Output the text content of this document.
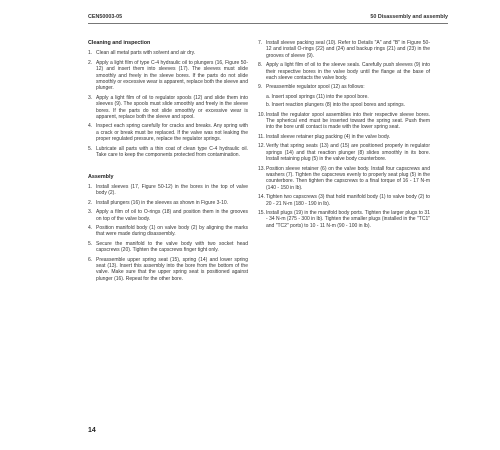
CEN50003-05	50 Disassembly and assembly
Cleaning and inspection
1. Clean all metal parts with solvent and air dry.
2. Apply a light film of type C-4 hydraulic oil to plungers (16, Figure 50-12) and insert them into sleeves (17). The sleeves must slide smoothly and freely in the sleeve bores. If the parts do not slide smoothly or excessive wear is apparent, replace both the sleeve and plunger.
3. Apply a light film of oil to regulator spools (12) and slide them into sleeves (9). The spools must slide smoothly and freely in the sleeve bores. If the parts do not slide smoothly or excessive wear is apparent, replace both the sleeve and spool.
4. Inspect each spring carefully for cracks and breaks. Any spring with a crack or break must be replaced. If the valve was not leaking the proper regulated pressure, replace the regulator springs.
5. Lubricate all parts with a thin coat of clean type C-4 hydraulic oil. Take care to keep the components protected from contamination.
Assembly
1. Install sleeves (17, Figure 50-12) in the bores in the top of valve body (2).
2. Install plungers (16) in the sleeves as shown in Figure 3-10.
3. Apply a film of oil to O-rings (18) and position them in the grooves on top of the valve body.
4. Position manifold body (1) on valve body (2) by aligning the marks that were made during disassembly.
5. Secure the manifold to the valve body with two socket head capscrews (20). Tighten the capscrews finger tight only.
6. Preassemble upper spring seat (15), spring (14) and lower spring seat (13). Insert this assembly into the bore from the bottom of the valve. Make sure that the upper spring seat is positioned against plunger (16). Repeat for the other bore.
7. Install sleeve packing seal (10). Refer to Details "A" and "B" in Figure 50-12 and install O-rings (22) and (24) and backup rings (21) and (23) in the grooves of sleeve (9).
8. Apply a light film of oil to the sleeve seals. Carefully push sleeves (9) into their respective bores in the valve body until the flange at the base of each sleeve contacts the valve body.
9. Preassemble regulator spool (12) as follows:
a. Insert spool springs (11) into the spool bore.
b. Insert reaction plungers (8) into the spool bores and springs.
10. Install the regulator spool assemblies into their respective sleeve bores. The spherical end must be inserted toward the spring seat. Push them into the bore until contact is made with the lower spring seat.
11. Install sleeve retainer plug packing (4) in the valve body.
12. Verify that spring seats (13) and (15) are positioned properly in regulator springs (14) and that reaction plunger (8) slides smoothly in its bore. Install retaining plug (5) in the valve body counterbore.
13. Position sleeve retainer (6) on the valve body. Install four capscrews and washers (7). Tighten the capscrews evenly to properly seat plug (5) in the counterbore. Then tighten the capscrews to a final torque of 16 - 17 N-m (140 - 150 in lb).
14. Tighten two capscrews (3) that hold manifold body (1) to valve body (2) to 20 - 21 N-m (180 - 190 in lb).
15. Install plugs (19) in the manifold body ports. Tighten the larger plugs to 31 - 34 N-m (275 - 300 in lb). Tighten the smaller plugs (installed in the "TC1" and "TC2" ports) to 10 - 11 N-m (90 - 100 in lb).
14
